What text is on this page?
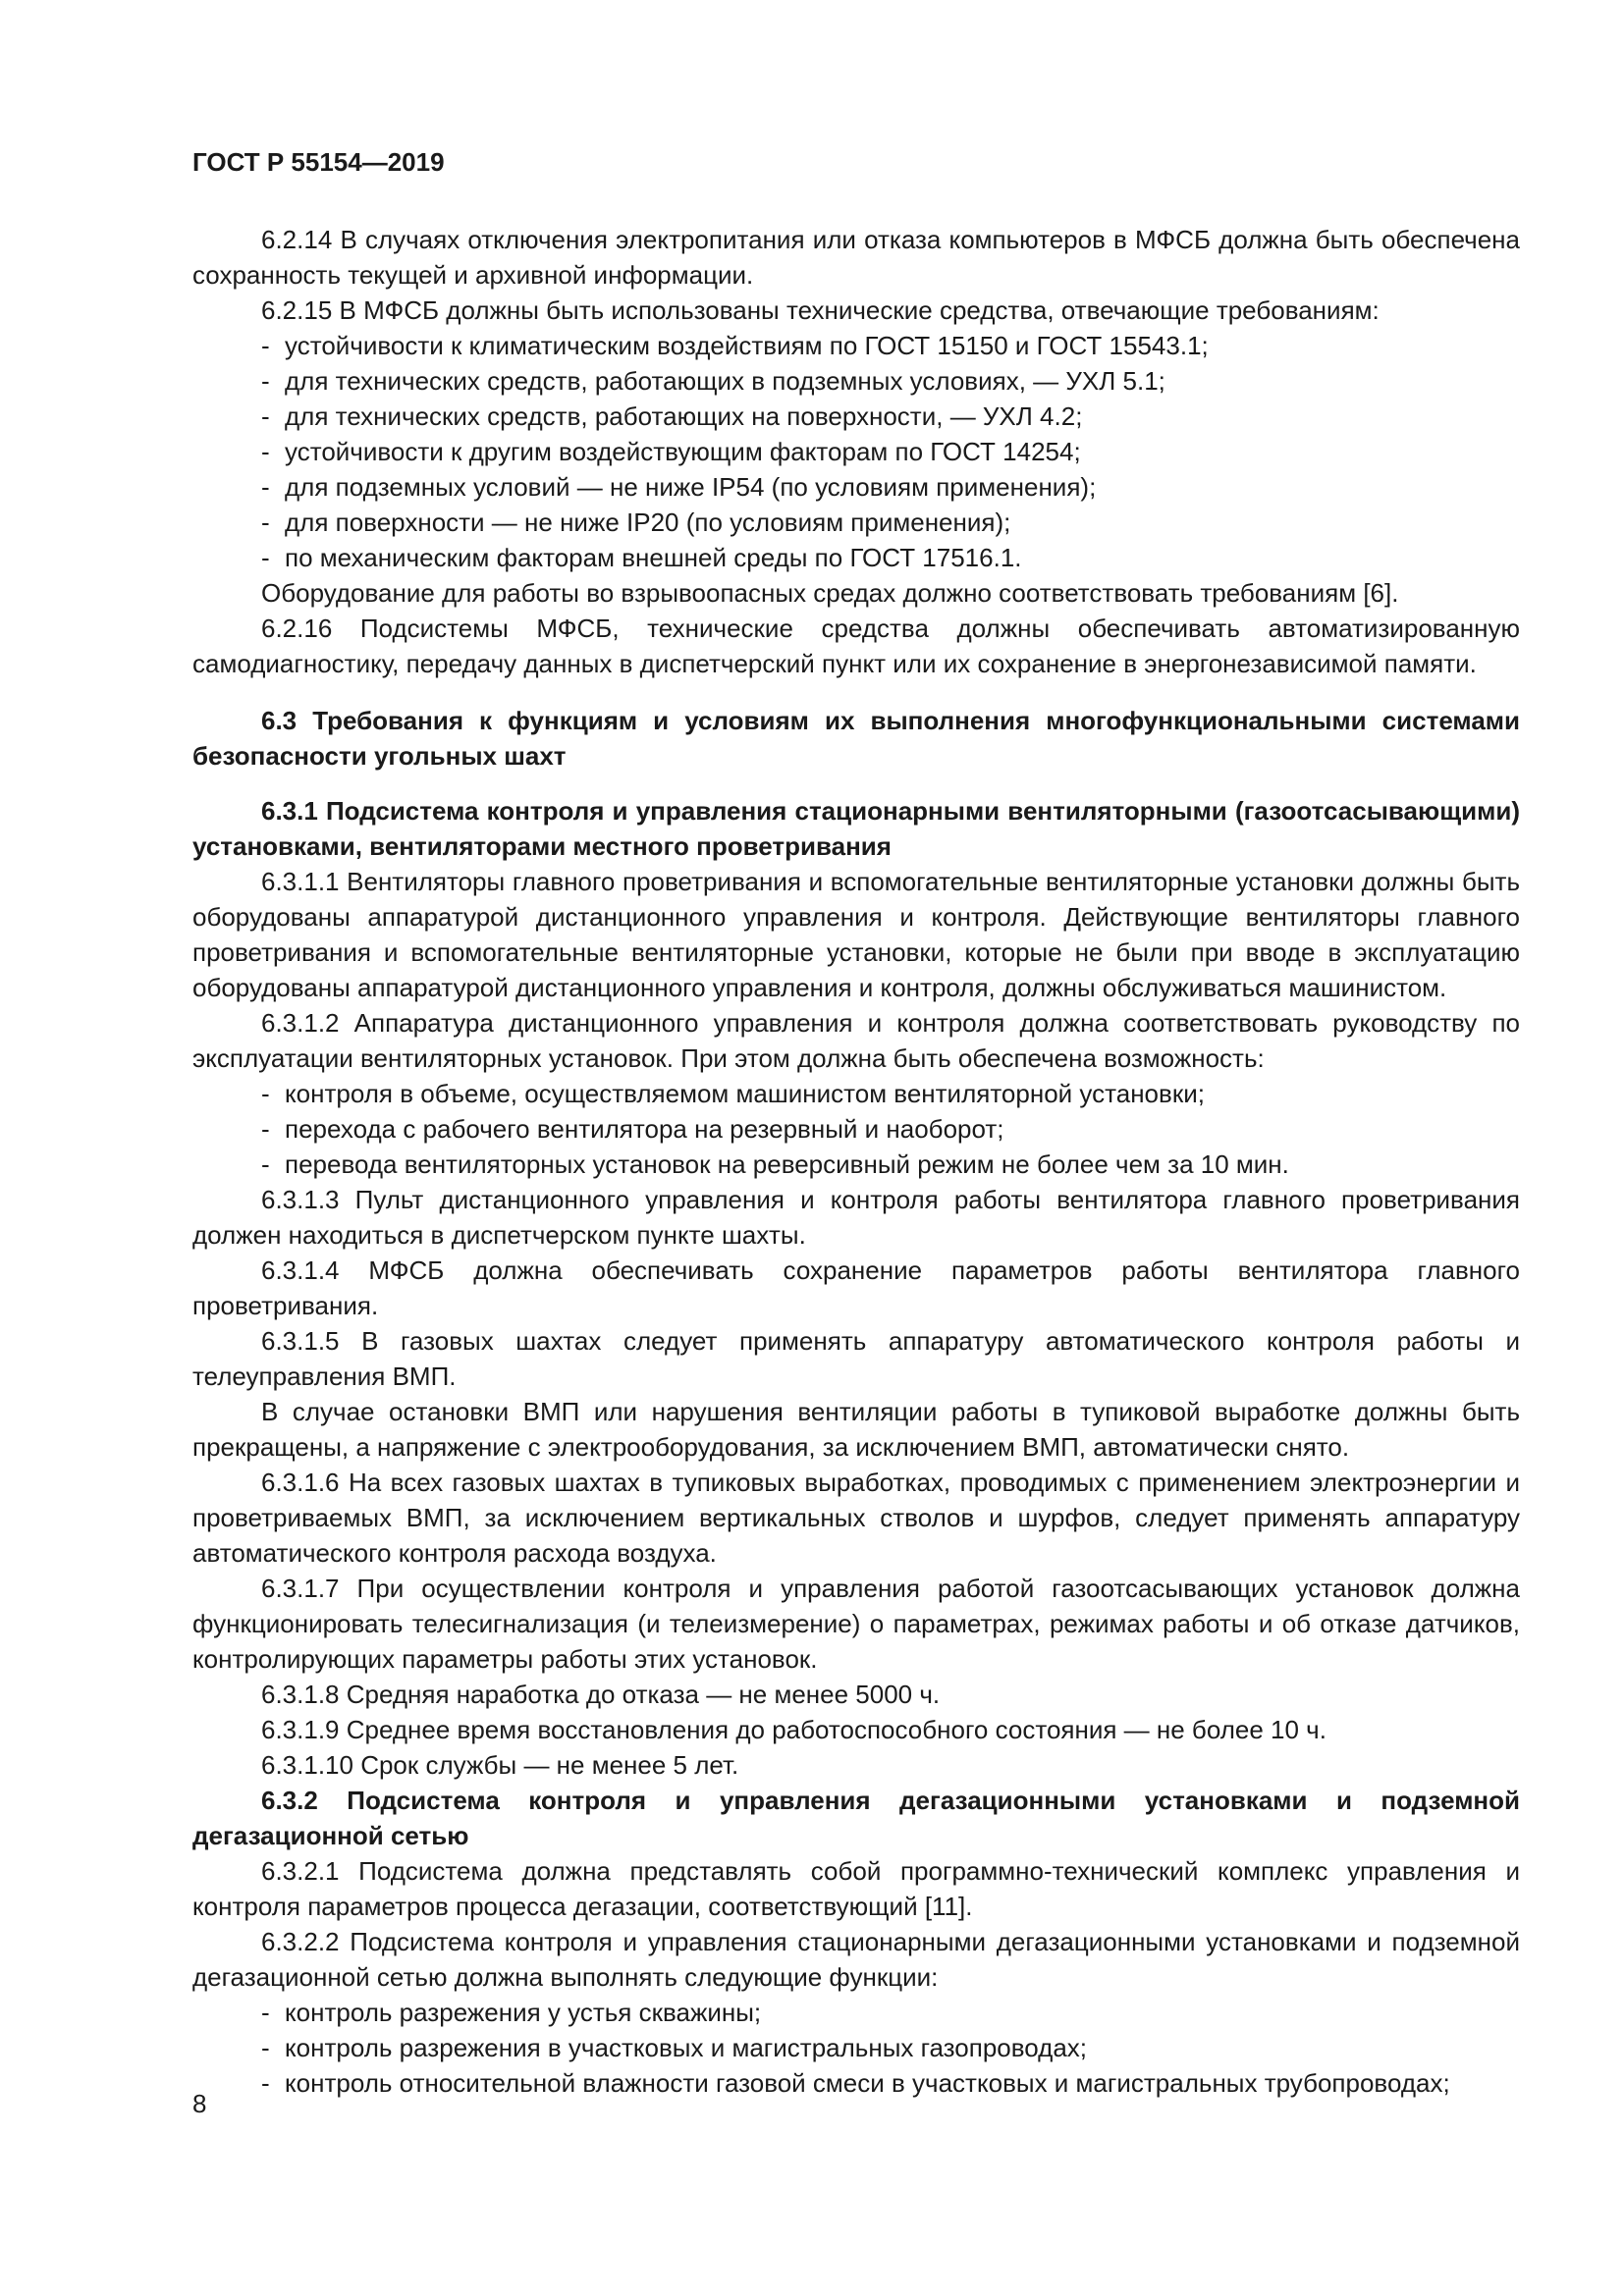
ГОСТ Р 55154—2019

6.2.14 В случаях отключения электропитания или отказа компьютеров в МФСБ должна быть обеспечена сохранность текущей и архивной информации.

6.2.15 В МФСБ должны быть использованы технические средства, отвечающие требованиям:

- устойчивости к климатическим воздействиям по ГОСТ 15150 и ГОСТ 15543.1;

- для технических средств, работающих в подземных условиях, — УХЛ 5.1;

- для технических средств, работающих на поверхности, — УХЛ 4.2;

- устойчивости к другим воздействующим факторам по ГОСТ 14254;

- для подземных условий — не ниже IP54 (по условиям применения);

- для поверхности — не ниже IP20 (по условиям применения);

- по механическим факторам внешней среды по ГОСТ 17516.1.

Оборудование для работы во взрывоопасных средах должно соответствовать требованиям [6].

6.2.16 Подсистемы МФСБ, технические средства должны обеспечивать автоматизированную самодиагностику, передачу данных в диспетчерский пункт или их сохранение в энергонезависимой памяти.

6.3 Требования к функциям и условиям их выполнения многофункциональными системами безопасности угольных шахт

6.3.1 Подсистема контроля и управления стационарными вентиляторными (газоотсасывающими) установками, вентиляторами местного проветривания

6.3.1.1 Вентиляторы главного проветривания и вспомогательные вентиляторные установки должны быть оборудованы аппаратурой дистанционного управления и контроля. Действующие вентиляторы главного проветривания и вспомогательные вентиляторные установки, которые не были при вводе в эксплуатацию оборудованы аппаратурой дистанционного управления и контроля, должны обслуживаться машинистом.

6.3.1.2 Аппаратура дистанционного управления и контроля должна соответствовать руководству по эксплуатации вентиляторных установок. При этом должна быть обеспечена возможность:

- контроля в объеме, осуществляемом машинистом вентиляторной установки;

- перехода с рабочего вентилятора на резервный и наоборот;

- перевода вентиляторных установок на реверсивный режим не более чем за 10 мин.

6.3.1.3 Пульт дистанционного управления и контроля работы вентилятора главного проветривания должен находиться в диспетчерском пункте шахты.

6.3.1.4 МФСБ должна обеспечивать сохранение параметров работы вентилятора главного проветривания.

6.3.1.5 В газовых шахтах следует применять аппаратуру автоматического контроля работы и телеуправления ВМП.

В случае остановки ВМП или нарушения вентиляции работы в тупиковой выработке должны быть прекращены, а напряжение с электрооборудования, за исключением ВМП, автоматически снято.

6.3.1.6 На всех газовых шахтах в тупиковых выработках, проводимых с применением электроэнергии и проветриваемых ВМП, за исключением вертикальных стволов и шурфов, следует применять аппаратуру автоматического контроля расхода воздуха.

6.3.1.7 При осуществлении контроля и управления работой газоотсасывающих установок должна функционировать телесигнализация (и телеизмерение) о параметрах, режимах работы и об отказе датчиков, контролирующих параметры работы этих установок.

6.3.1.8 Средняя наработка до отказа — не менее 5000 ч.

6.3.1.9 Среднее время восстановления до работоспособного состояния — не более 10 ч.

6.3.1.10 Срок службы — не менее 5 лет.

6.3.2 Подсистема контроля и управления дегазационными установками и подземной дегазационной сетью

6.3.2.1 Подсистема должна представлять собой программно-технический комплекс управления и контроля параметров процесса дегазации, соответствующий [11].

6.3.2.2 Подсистема контроля и управления стационарными дегазационными установками и подземной дегазационной сетью должна выполнять следующие функции:

- контроль разрежения у устья скважины;

- контроль разрежения в участковых и магистральных газопроводах;

- контроль относительной влажности газовой смеси в участковых и магистральных трубопроводах;

8
